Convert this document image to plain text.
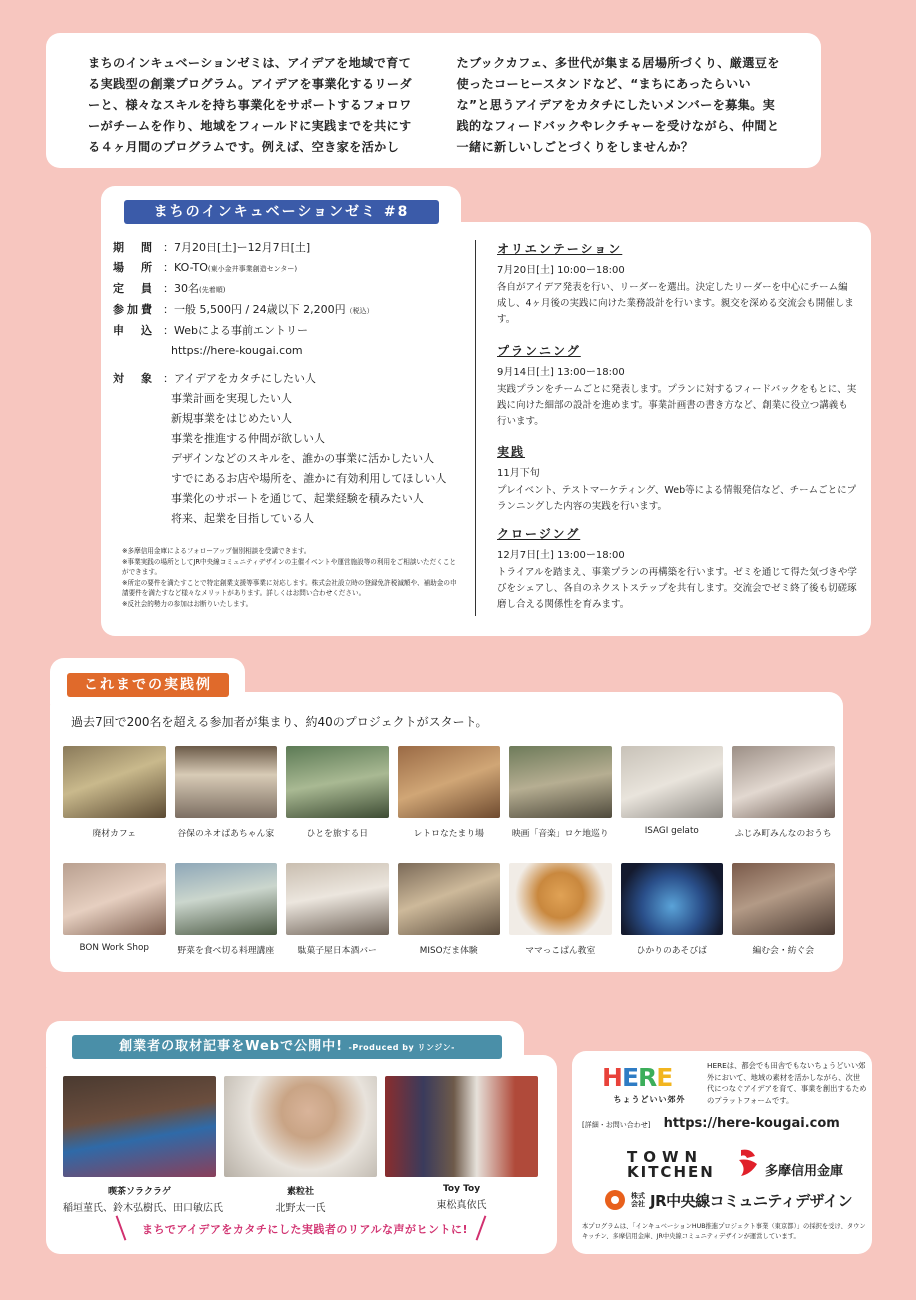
まちのインキュベーションゼミは、アイデアを地域で育てる実践型の創業プログラム。アイデアを事業化するリーダーと、様々なスキルを持ち事業化をサポートするフォロワーがチームを作り、地域をフィールドに実践までを共にする４ヶ月間のプログラムです。例えば、空き家を活かし

たブックカフェ、多世代が集まる居場所づくり、厳選豆を使ったコーヒースタンドなど、“まちにあったらいいな”と思うアイデアをカタチにしたいメンバーを募集。実践的なフィードバックやレクチャーを受けながら、仲間と一緒に新しいしごとづくりをしませんか？

まちのインキュベーションゼミ #8
期　間 ：7月20日[土]ー12月7日[土]
場　所 ：KO-TO(東小金井事業創造センター)
定　員 ：30名(先着順)
参加費 ：一般 5,500円 / 24歳以下 2,200円（税込）
申　込 ：Webによる事前エントリー
https://here-kougai.com
対　象 ：アイデアをカタチにしたい人
事業計画を実現したい人
新規事業をはじめたい人
事業を推進する仲間が欲しい人
デザインなどのスキルを、誰かの事業に活かしたい人
すでにあるお店や場所を、誰かに有効利用してほしい人
事業化のサポートを通じて、起業経験を積みたい人
将来、起業を目指している人
※多摩信用金庫によるフォローアップ個別相談を受講できます。
※事業実践の場所としてJR中央線コミュニティデザインの主催イベントや運営施設等の利用をご相談いただくことができます。
※所定の要件を満たすことで特定創業支援等事業に対応します。株式会社設立時の登録免許税減額や、補助金の申請要件を満たすなど様々なメリットがあります。詳しくはお問い合わせください。
※反社会的勢力の参加はお断りいたします。
オリエンテーション
7月20日[土] 10:00ー18:00
各自がアイデア発表を行い、リーダーを選出。決定したリーダーを中心にチーム編成し、4ヶ月後の実践に向けた業務設計を行います。親交を深める交流会も開催します。
プランニング
9月14日[土] 13:00ー18:00
実践プランをチームごとに発表します。プランに対するフィードバックをもとに、実践に向けた細部の設計を進めます。事業計画書の書き方など、創業に役立つ講義も行います。
実践
11月下旬
プレイベント、テストマーケティング、Web等による情報発信など、チームごとにプランニングした内容の実践を行います。
クロージング
12月7日[土] 13:00ー18:00
トライアルを踏まえ、事業プランの再構築を行います。ゼミを通じて得た気づきや学びをシェアし、各自のネクストステップを共有します。交流会でゼミ終了後も切磋琢磨し合える関係性を育みます。
これまでの実践例
過去7回で200名を超える参加者が集まり、約40のプロジェクトがスタート。
廃材カフェ	谷保のネオばあちゃん家	ひとを旅する日	レトロなたまり場	映画「音楽」ロケ地巡り	ISAGI gelato	ふじみ町みんなのおうち
BON Work Shop	野菜を食べ切る料理講座	駄菓子屋日本酒バー	MISOだま体験	ママっこぱん教室	ひかりのあそびば	編む会・紡ぐ会
創業者の取材記事をWebで公開中! -Produced by リンジン-
喫茶ソラクラゲ
稲垣菫氏、鈴木弘樹氏、田口敏広氏
素粒社
北野太一氏
Toy Toy
東松真依氏
まちでアイデアをカタチにした実践者のリアルな声がヒントに!
H E R E
ちょうどいい郊外
HEREは、都会でも田舎でもないちょうどいい郊外において、地域の素材を活かしながら、次世代につなぐアイデアを育て、事業を創出するためのプラットフォームです。
[詳細・お問い合わせ] https://here-kougai.com
TOWN
KITCHEN	多摩信用金庫
株式
会社 JR中央線コミュニティデザイン
本プログラムは、「インキュベーションHUB推進プロジェクト事業（東京都）」の採択を受け、タウンキッチン、多摩信用金庫、JR中央線コミュニティデザインが運営しています。
